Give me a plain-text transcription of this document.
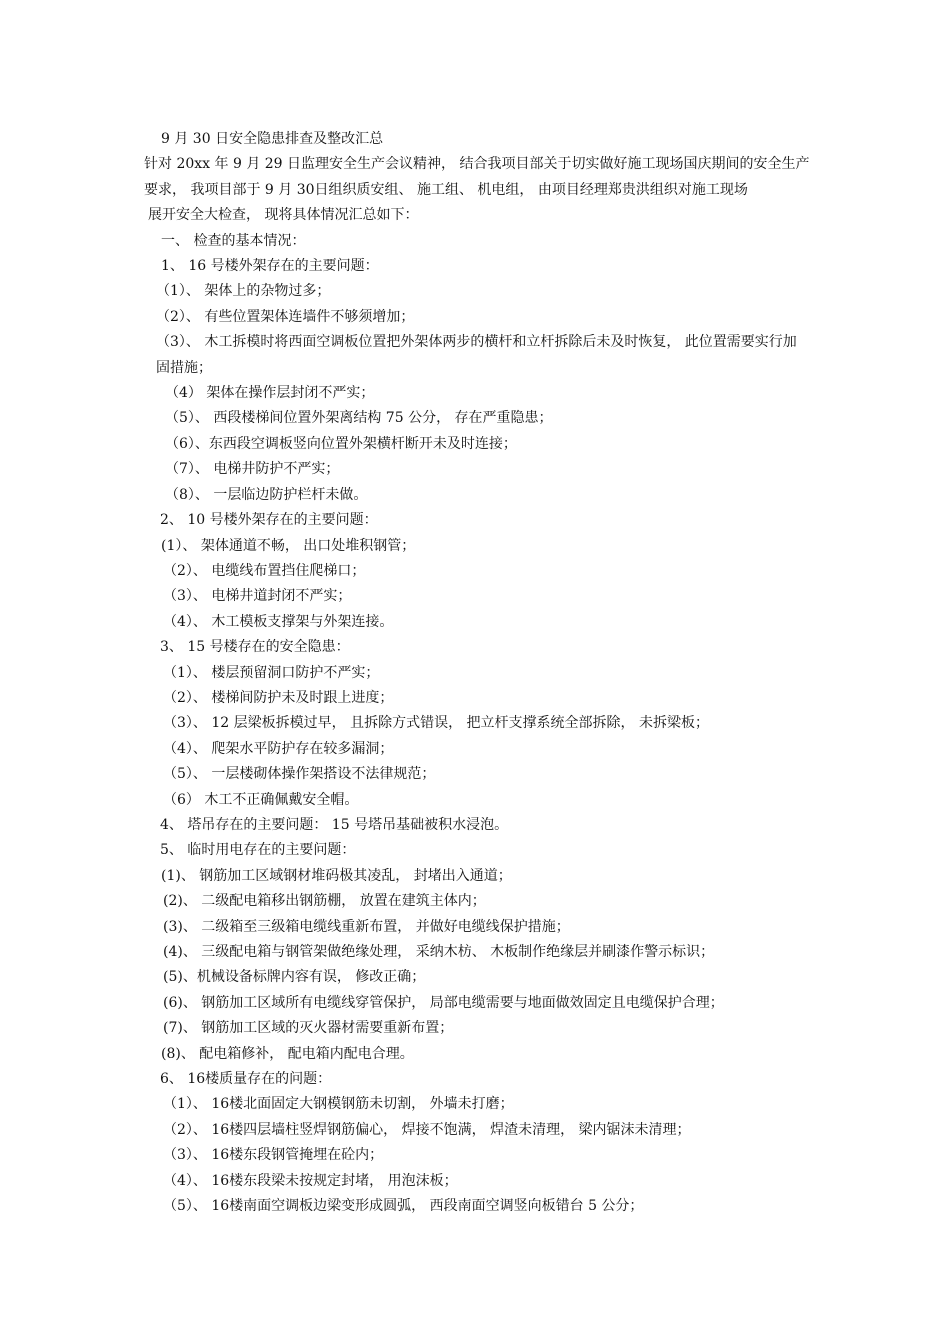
9 月 30 日安全隐患排查及整改汇总
针对 20xx 年 9 月 29 日监理安全生产会议精神， 结合我项目部关于切实做好施工现场国庆期间的安全生产要求， 我项目部于 9 月 30日组织质安组、 施工组、 机电组， 由项目经理郑贵洪组织对施工现场
展开安全大检查， 现将具体情况汇总如下：
一、 检查的基本情况：
1、 16 号楼外架存在的主要问题：
（1）、 架体上的杂物过多；
（2）、 有些位置架体连墙件不够须增加；
（3）、 木工拆模时将西面空调板位置把外架体两步的横杆和立杆拆除后未及时恢复， 此位置需要实行加固措施；
（4） 架体在操作层封闭不严实；
（5）、 西段楼梯间位置外架离结构 75 公分， 存在严重隐患；
（6）、东西段空调板竖向位置外架横杆断开未及时连接；
（7）、 电梯井防护不严实；
（8）、 一层临边防护栏杆未做。
2、 10 号楼外架存在的主要问题：
(1）、 架体通道不畅， 出口处堆积钢管；
（2）、 电缆线布置挡住爬梯口；
（3）、 电梯井道封闭不严实；
（4）、 木工模板支撑架与外架连接。
3、 15 号楼存在的安全隐患：
（1）、 楼层预留洞口防护不严实；
（2）、 楼梯间防护未及时跟上进度；
（3）、 12 层梁板拆模过早， 且拆除方式错误， 把立杆支撑系统全部拆除， 未拆梁板；
（4）、 爬架水平防护存在较多漏洞；
（5）、 一层楼砌体操作架搭设不法律规范；
（6） 木工不正确佩戴安全帽。
4、 塔吊存在的主要问题： 15 号塔吊基础被积水浸泡。
5、 临时用电存在的主要问题：
(1)、 钢筋加工区域钢材堆码极其凌乱， 封堵出入通道；
(2)、 二级配电箱移出钢筋棚， 放置在建筑主体内；
(3)、 二级箱至三级箱电缆线重新布置， 并做好电缆线保护措施；
(4)、 三级配电箱与钢管架做绝缘处理， 采纳木枋、 木板制作绝缘层并刷漆作警示标识；
(5)、机械设备标牌内容有误， 修改正确；
(6)、 钢筋加工区域所有电缆线穿管保护， 局部电缆需要与地面做效固定且电缆保护合理；
(7)、 钢筋加工区域的灭火器材需要重新布置；
(8)、 配电箱修补， 配电箱内配电合理。
6、 16楼质量存在的问题：
（1）、 16楼北面固定大钢模钢筋未切割， 外墙未打磨；
（2）、 16楼四层墙柱竖焊钢筋偏心， 焊接不饱满， 焊渣未清理， 梁内锯沫未清理；
（3）、 16楼东段钢管掩埋在砼内；
（4）、 16楼东段梁未按规定封堵， 用泡沫板；
（5）、 16楼南面空调板边梁变形成圆弧， 西段南面空调竖向板错台 5 公分；
